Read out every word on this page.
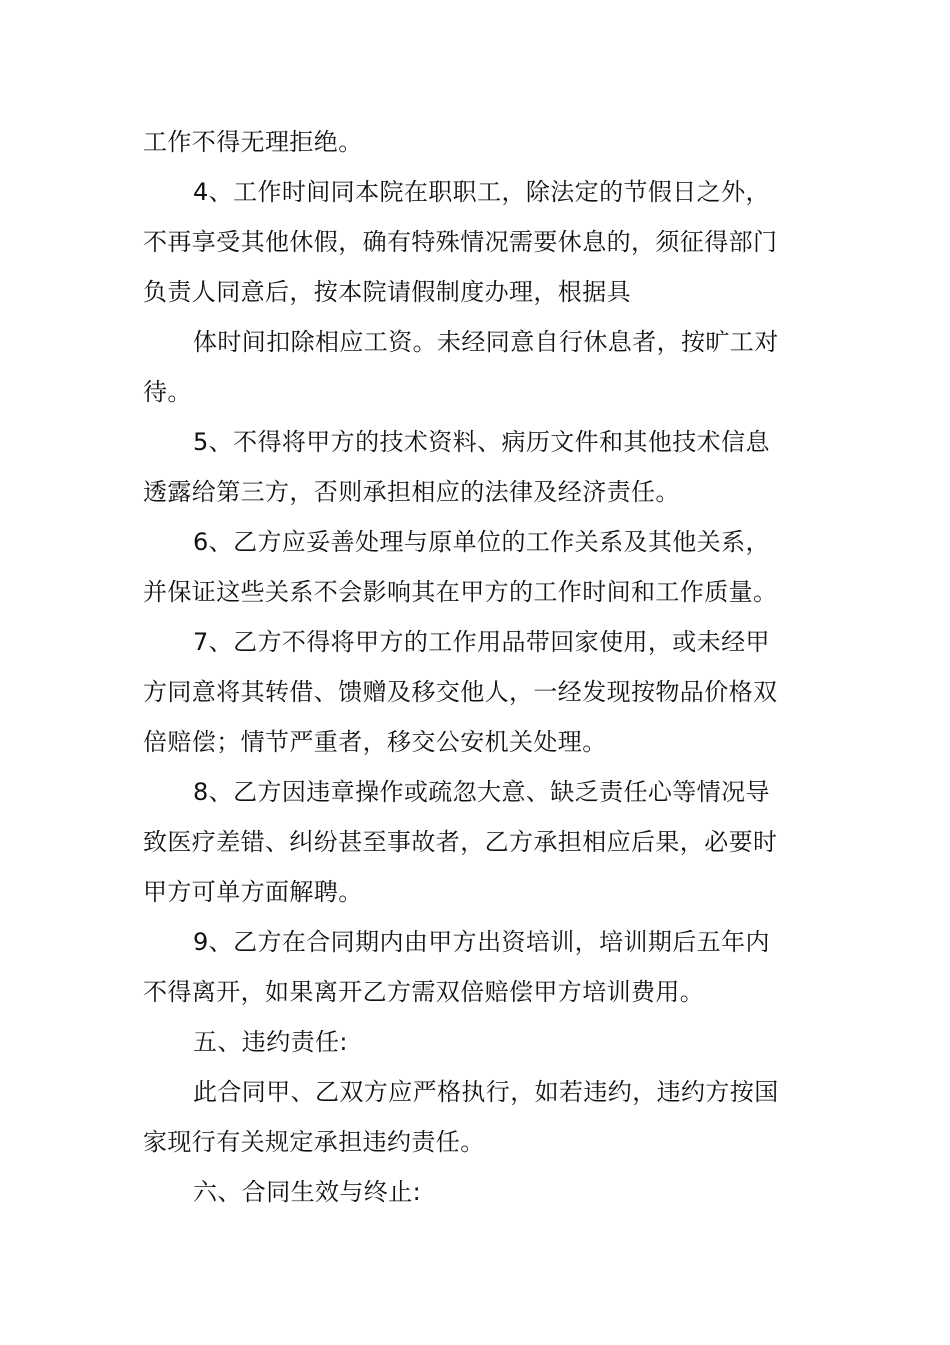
工作不得无理拒绝。
4、工作时间同本院在职职工，除法定的节假日之外，
不再享受其他休假，确有特殊情况需要休息的，须征得部门
负责人同意后，按本院请假制度办理，根据具
体时间扣除相应工资。未经同意自行休息者，按旷工对
待。
5、不得将甲方的技术资料、病历文件和其他技术信息
透露给第三方，否则承担相应的法律及经济责任。
6、乙方应妥善处理与原单位的工作关系及其他关系，
并保证这些关系不会影响其在甲方的工作时间和工作质量。
7、乙方不得将甲方的工作用品带回家使用，或未经甲
方同意将其转借、馈赠及移交他人，一经发现按物品价格双
倍赔偿；情节严重者，移交公安机关处理。
8、乙方因违章操作或疏忽大意、缺乏责任心等情况导
致医疗差错、纠纷甚至事故者，乙方承担相应后果，必要时
甲方可单方面解聘。
9、乙方在合同期内由甲方出资培训，培训期后五年内
不得离开，如果离开乙方需双倍赔偿甲方培训费用。
五、违约责任:
此合同甲、乙双方应严格执行，如若违约，违约方按国
家现行有关规定承担违约责任。
六、合同生效与终止:
